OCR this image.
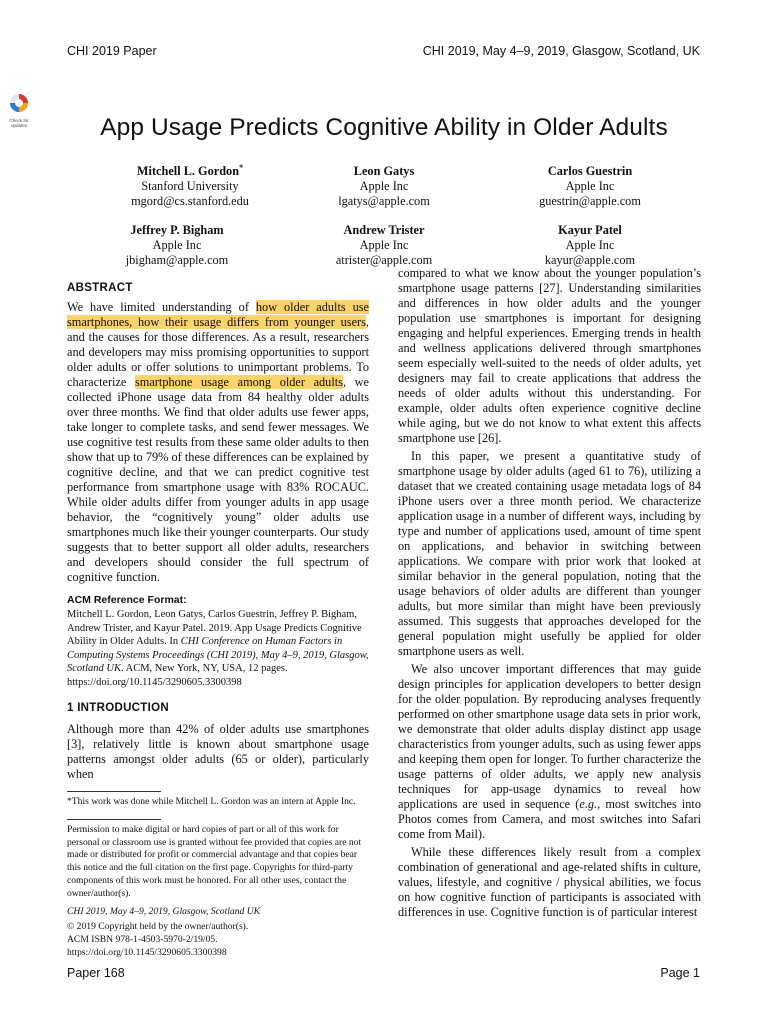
CHI 2019 Paper	CHI 2019, May 4–9, 2019, Glasgow, Scotland, UK
Check for
updates	App Usage Predicts Cognitive Ability in Older Adults
Mitchell L. Gordon*
Stanford University
mgord@cs.stanford.edu
Leon Gatys
Apple Inc
lgatys@apple.com
Carlos Guestrin
Apple Inc
guestrin@apple.com
Jeffrey P. Bigham
Apple Inc
jbigham@apple.com
Andrew Trister
Apple Inc
atrister@apple.com
Kayur Patel
Apple Inc
kayur@apple.com
ABSTRACT

We have limited understanding of how older adults use smartphones, how their usage differs from younger users, and the causes for those differences. As a result, researchers and developers may miss promising opportunities to support older adults or offer solutions to unimportant problems. To characterize smartphone usage among older adults, we collected iPhone usage data from 84 healthy older adults over three months. We find that older adults use fewer apps, take longer to complete tasks, and send fewer messages. We use cognitive test results from these same older adults to then show that up to 79% of these differences can be explained by cognitive decline, and that we can predict cognitive test performance from smartphone usage with 83% ROCAUC. While older adults differ from younger adults in app usage behavior, the “cognitively young” older adults use smartphones much like their younger counterparts. Our study suggests that to better support all older adults, researchers and developers should consider the full spectrum of cognitive function.

ACM Reference Format:

Mitchell L. Gordon, Leon Gatys, Carlos Guestrin, Jeffrey P. Bigham, Andrew Trister, and Kayur Patel. 2019. App Usage Predicts Cognitive Ability in Older Adults. In CHI Conference on Human Factors in Computing Systems Proceedings (CHI 2019), May 4–9, 2019, Glasgow, Scotland UK. ACM, New York, NY, USA, 12 pages. https://doi.org/10.1145/3290605.3300398

1 INTRODUCTION

Although more than 42% of older adults use smartphones [3], relatively little is known about smartphone usage patterns amongst older adults (65 or older), particularly when

*This work was done while Mitchell L. Gordon was an intern at Apple Inc.

Permission to make digital or hard copies of part or all of this work for personal or classroom use is granted without fee provided that copies are not made or distributed for profit or commercial advantage and that copies bear this notice and the full citation on the first page. Copyrights for third-party components of this work must be honored. For all other uses, contact the owner/author(s).

CHI 2019, May 4–9, 2019, Glasgow, Scotland UK

© 2019 Copyright held by the owner/author(s).

ACM ISBN 978-1-4503-5970-2/19/05.

https://doi.org/10.1145/3290605.3300398

compared to what we know about the younger population’s smartphone usage patterns [27]. Understanding similarities and differences in how older adults and the younger population use smartphones is important for designing engaging and helpful experiences. Emerging trends in health and wellness applications delivered through smartphones seem especially well-suited to the needs of older adults, yet designers may fail to create applications that address the needs of older adults without this understanding. For example, older adults often experience cognitive decline while aging, but we do not know to what extent this affects smartphone use [26].

In this paper, we present a quantitative study of smartphone usage by older adults (aged 61 to 76), utilizing a dataset that we created containing usage metadata logs of 84 iPhone users over a three month period. We characterize application usage in a number of different ways, including by type and number of applications used, amount of time spent on applications, and behavior in switching between applications. We compare with prior work that looked at similar behavior in the general population, noting that the usage behaviors of older adults are different than younger adults, but more similar than might have been previously assumed. This suggests that approaches developed for the general population might usefully be applied for older smartphone users as well.

We also uncover important differences that may guide design principles for application developers to better design for the older population. By reproducing analyses frequently performed on other smartphone usage data sets in prior work, we demonstrate that older adults display distinct app usage characteristics from younger adults, such as using fewer apps and keeping them open for longer. To further characterize the usage patterns of older adults, we apply new analysis techniques for app-usage dynamics to reveal how applications are used in sequence (e.g., most switches into Photos comes from Camera, and most switches into Safari come from Mail).

While these differences likely result from a complex combination of generational and age-related shifts in culture, values, lifestyle, and cognitive / physical abilities, we focus on how cognitive function of participants is associated with differences in use. Cognitive function is of particular interest

Paper 168	Page 1
